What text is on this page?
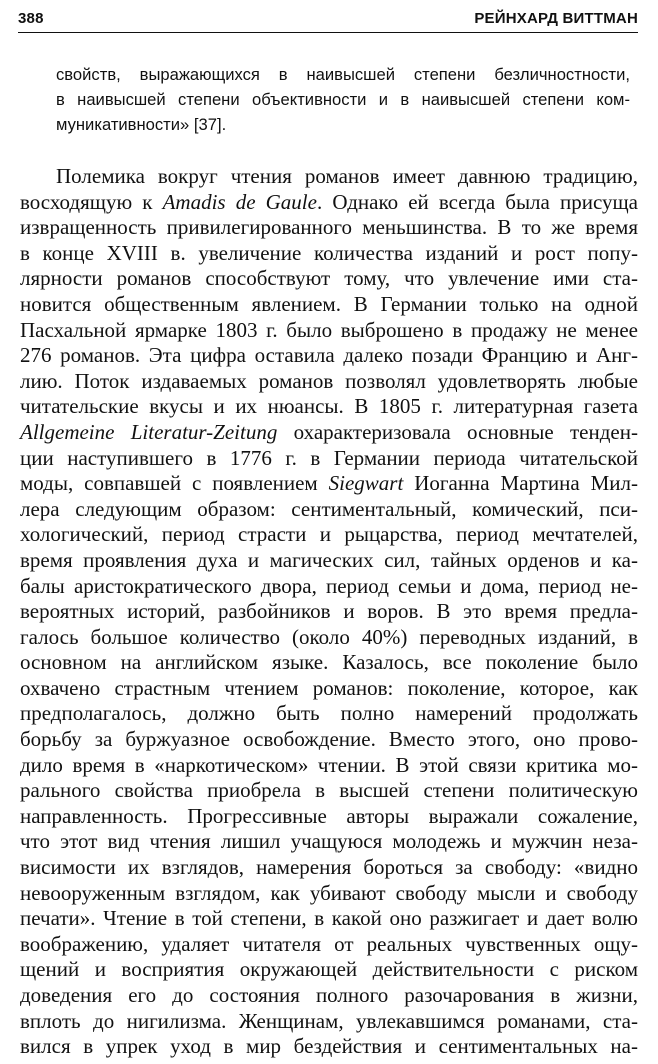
388	РЕЙНХАРД ВИТТМАН
свойств, выражающихся в наивысшей степени безличностности,
в наивысшей степени объективности и в наивысшей степени ком-
муникативности» [37].
Полемика вокруг чтения романов имеет давнюю традицию,
восходящую к Amadis de Gaule. Однако ей всегда была присуща
извращенность привилегированного меньшинства. В то же время
в конце XVIII в. увеличение количества изданий и рост попу-
лярности романов способствуют тому, что увлечение ими ста-
новится общественным явлением. В Германии только на одной
Пасхальной ярмарке 1803 г. было выброшено в продажу не менее
276 романов. Эта цифра оставила далеко позади Францию и Анг-
лию. Поток издаваемых романов позволял удовлетворять любые
читательские вкусы и их нюансы. В 1805 г. литературная газета
Allgemeine Literatur-Zeitung охарактеризовала основные тенден-
ции наступившего в 1776 г. в Германии периода читательской
моды, совпавшей с появлением Siegwart Иоганна Мартина Мил-
лера следующим образом: сентиментальный, комический, пси-
хологический, период страсти и рыцарства, период мечтателей,
время проявления духа и магических сил, тайных орденов и ка-
балы аристократического двора, период семьи и дома, период не-
вероятных историй, разбойников и воров. В это время предла-
галось большое количество (около 40%) переводных изданий, в
основном на английском языке. Казалось, все поколение было
охвачено страстным чтением романов: поколение, которое, как
предполагалось, должно быть полно намерений продолжать
борьбу за буржуазное освобождение. Вместо этого, оно прово-
дило время в «наркотическом» чтении. В этой связи критика мо-
рального свойства приобрела в высшей степени политическую
направленность. Прогрессивные авторы выражали сожаление,
что этот вид чтения лишил учащуюся молодежь и мужчин неза-
висимости их взглядов, намерения бороться за свободу: «видно
невооруженным взглядом, как убивают свободу мысли и свободу
печати». Чтение в той степени, в какой оно разжигает и дает волю
воображению, удаляет читателя от реальных чувственных ощу-
щений и восприятия окружающей действительности с риском
доведения его до состояния полного разочарования в жизни,
вплоть до нигилизма. Женщинам, увлекавшимся романами, ста-
вился в упрек уход в мир бездействия и сентиментальных на-
